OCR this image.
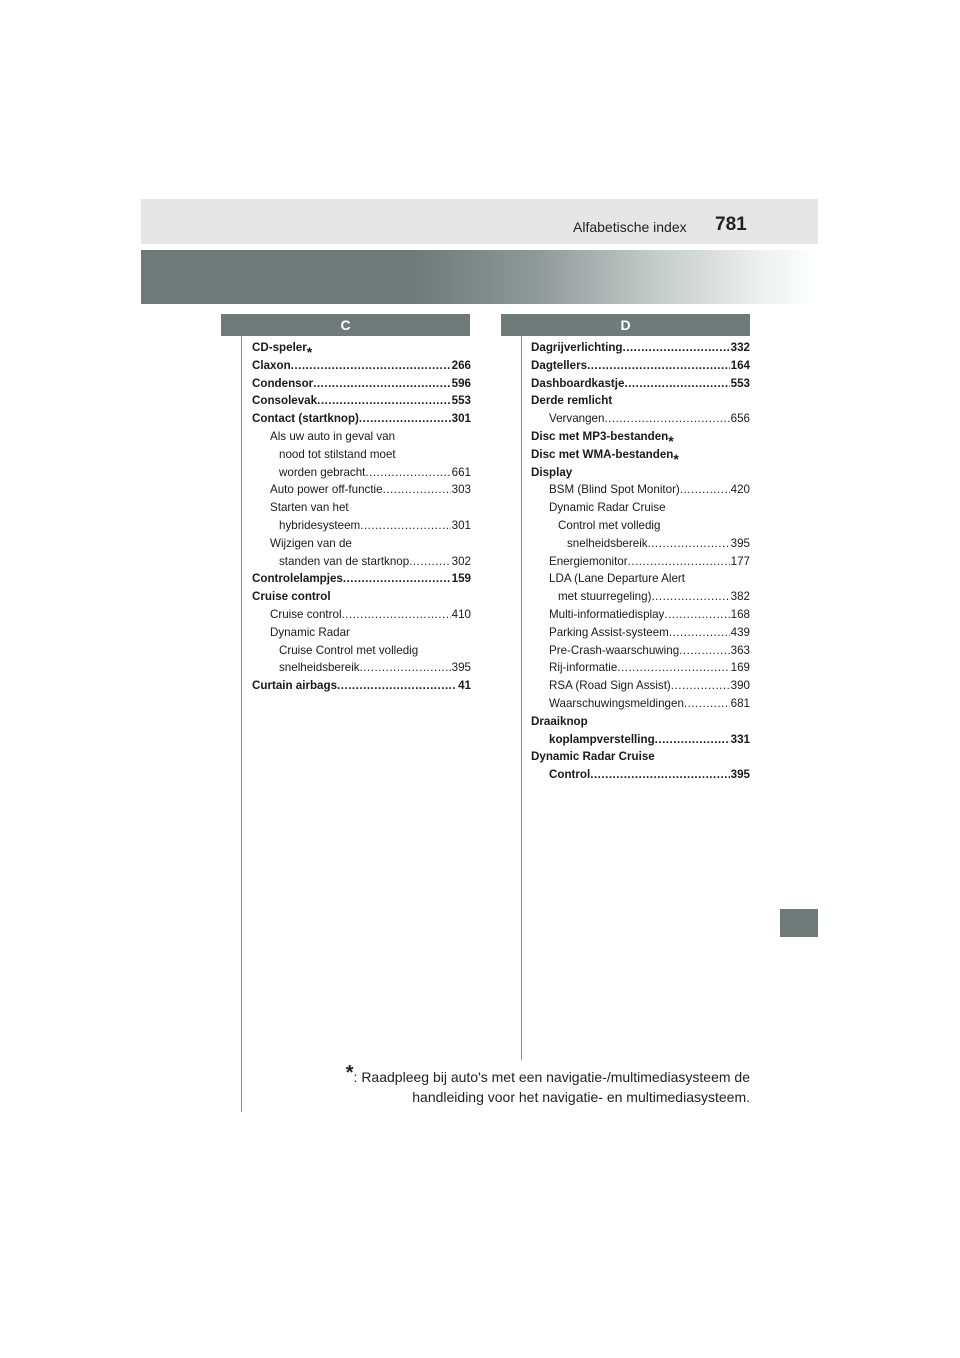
Alfabetische index 781
C	D
CD-speler *
Claxon .....	266
Condensor .....	596
Consolevak .....	553
Contact (startknop) .....	301
Als uw auto in geval van
nood tot stilstand moet
worden gebracht .....	661
Auto power off-functie .....	303
Starten van het
hybridesysteem .....	301
Wijzigen van de
standen van de startknop .....	302
Controlelampjes .....	159
Cruise control
Cruise control .....	410
Dynamic Radar
Cruise Control met volledig
snelheidsbereik .....	395
Curtain airbags .....	41
Dagrijverlichting .....	332
Dagtellers .....	164
Dashboardkastje .....	553
Derde remlicht
Vervangen .....	656
Disc met MP3-bestanden *
Disc met WMA-bestanden *
Display
BSM (Blind Spot Monitor) .....	420
Dynamic Radar Cruise
Control met volledig
snelheidsbereik .....	395
Energiemonitor .....	177
LDA (Lane Departure Alert
met stuurregeling) .....	382
Multi-informatiedisplay .....	168
Parking Assist-systeem .....	439
Pre-Crash-waarschuwing .....	363
Rij-informatie .....	169
RSA (Road Sign Assist) .....	390
Waarschuwingsmeldingen .....	681
Draaiknop
koplampverstelling .....	331
Dynamic Radar Cruise
Control .....	395
*: Raadpleeg bij auto's met een navigatie-/multimediasysteem de
handleiding voor het navigatie- en multimediasysteem.
